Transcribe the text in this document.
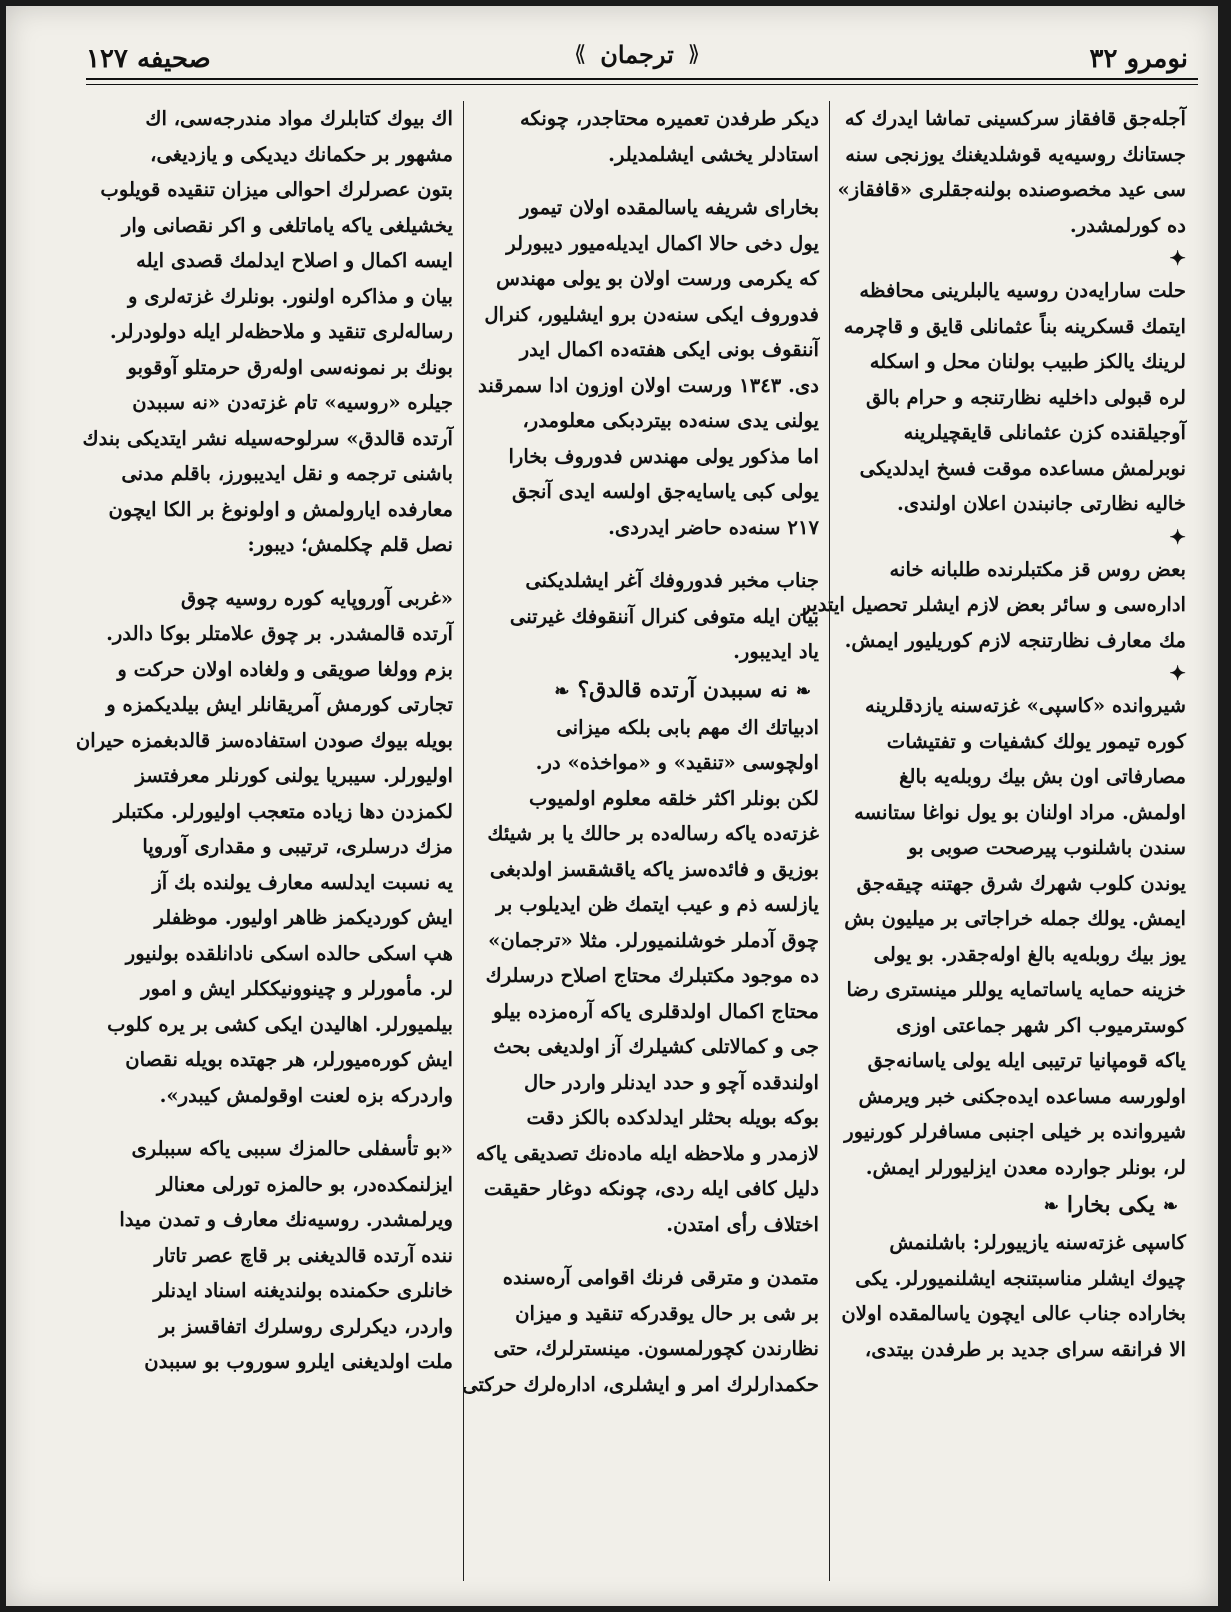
نومرو ٣٢
⟪ ترجمان ⟫
صحيفه ١٢٧
آجلەجق قافقاز سركسينى تماشا ايدرك كە
جستانك روسيەيە قوشلديغنك يوزنجى سنه
سى عيد مخصوصنده بولنەجقلرى «قافقاز»
ده كورلمشدر.
✦
حلت سارايەدن روسيە يالبلرينى محافظه
ايتمك قسكرينه بناً عثمانلى قايق و قاچرمه
لرينك يالكز طبيب بولنان محل و اسكله
لره قبولى داخليه نظارتنجه و حرام بالق
آوجيلقنده كزن عثمانلى قايقچيلرينه
نوبرلمش مساعده موقت فسخ ايدلديكى
خاليه نظارتى جانبندن اعلان اولندى.
✦
بعض روس قز مكتبلرنده طلبانه خانه
اداره‌سى و سائر بعض لازم ايشلر تحصيل ايتدير
مك معارف نظارتنجه لازم كوريليور ايمش.
✦
شيروانده «كاسپى» غزته‌سنه يازدقلرينه
كوره تيمور يولك كشفيات و تفتيشات
مصارفاتى اون بش بيك روبله‌يه بالغ
اولمش. مراد اولنان بو يول نواغا ستانسه
سندن باشلنوب پيرصحت صوبى بو
يوندن كلوب شهرك شرق جهتنه چيقه‌جق
ايمش. يولك جمله خراجاتى بر ميليون بش
يوز بيك روبله‌يه بالغ اولەجقدر. بو يولى
خزينه حمايه ياساتمايه يوللر مينسترى رضا
كوسترميوب اكر شهر جماعتى اوزى
ياكه قومپانيا ترتيبى ايله يولى ياسانه‌جق
اولورسه مساعده ايده‌جكنى خبر ويرمش
شيروانده بر خيلى اجنبى مسافرلر كورنيور
لر، بونلر جوارده معدن ايزليورلر ايمش.
❧يكى بخارا❧
كاسپى غزته‌سنه يازييورلر: باشلنمش
چيوك ايشلر مناسبتنجه ايشلنميورلر. يكى
بخاراده جناب عالى ايچون ياسالمقده اولان
الا فرانقه سراى جديد بر طرفدن بيتدى،
ديكر طرفدن تعميره محتاجدر، چونكه
استادلر يخشى ايشلمديلر.
بخاراى شريفه ياسالمقده اولان تيمور
يول دخى حالا اكمال ايديله‌ميور ديبورلر
كه يكرمى ورست اولان بو يولى مهندس
فدوروف ايكى سنه‌دن برو ايشليور، كنرال
آننقوف بونى ايكى هفته‌ده اكمال ايدر
دى. ١٣٤٣ ورست اولان اوزون ادا سمرقند
يولنى يدى سنه‌ده بيتردبكى معلومدر،
اما مذكور يولى مهندس فدوروف بخارا
يولى كبى ياسايه‌جق اولسه ايدى آنجق
٢١٧ سنه‌ده حاضر ايدردى.
جناب مخبر فدوروفك آغر ايشلديكنى
بيان ايله متوفى كنرال آننقوفك غيرتنى
ياد ايديبور.
❧نه سببدن آرتده قالدق؟❧
ادبياتك اك مهم بابى بلكه ميزانى
اولچوسى «تنقيد» و «مواخذه» در.
لكن بونلر اكثر خلقه معلوم اولميوب
غزته‌ده ياكه رساله‌ده بر حالك يا بر شيئك
بوزيق و فائده‌سز ياكه ياقشقسز اولدبغى
يازلسه ذم و عيب ايتمك ظن ايديلوب بر
چوق آدملر خوشلنميورلر. مثلا «ترجمان»
ده موجود مكتبلرك محتاج اصلاح درسلرك
محتاج اكمال اولدقلرى ياكه آره‌مزده بيلو‌
جى و كمالاتلى كشيلرك آز اولديغى بحث
اولندقده آچو و حدد ايدنلر واردر حال
بوكه بويله بحثلر ايدلدكده بالكز دقت
لازمدر و ملاحظه ايله ماده‌نك تصديقى ياكه
دليل كافى ايله ردى، چونكه دوغار حقيقت
اختلاف رأى امتدن.
متمدن و مترقى فرنك اقوامى آره‌سنده
بر شى بر حال يوقدركه تنقيد و ميزان
نظارندن كچورلمسون. مينسترلرك، حتى
حكمدارلرك امر و ايشلرى، اداره‌لرك حركتى
اك بيوك كتابلرك مواد مندرجه‌سى، اك
مشهور بر حكمانك ديديكى و يازديغى،
بتون عصرلرك احوالى ميزان تنقيده قويلوب
يخشيلغى ياكه ياماتلغى و اكر نقصانى وار
ايسه اكمال و اصلاح ايدلمك قصدى ايله
بيان و مذاكره اولنور. بونلرك غزته‌لرى و
رساله‌لرى تنقيد و ملاحظه‌لر ايله دولودرلر.
بونك بر نمونه‌سى اولەرق حرمتلو آوقوبو
جيلره «روسيه» تام غزته‌دن «نه سببدن
آرتده قالدق» سرلوحه‌سيله نشر ايتديكى بندك
باشنى ترجمه و نقل ايديبورز، باقلم مدنى
معارفده ايارولمش و اولونوغ بر الكا ايچون
نصل قلم چكلمش؛ ديبور:
«غربى آوروپايه كوره روسيه چوق
آرتده قالمشدر. بر چوق علامتلر بوكا دالدر.
بزم وولغا صويقى و ولغاده اولان حركت و
تجارتى كورمش آمريقانلر ايش بيلديكمزه و
بويله بيوك صودن استفاده‌سز قالدبغمزه حيران
اوليورلر. سيبريا يولنى كورنلر معرفتسز
لكمزدن دها زياده متعجب اوليورلر. مكتبلر
مزك درسلرى، ترتيبى و مقدارى آوروپا
يه نسبت ايدلسه معارف يولنده بك آز
ايش كورديكمز ظاهر اوليور. موظفلر
هپ اسكى حالده اسكى نادانلقده بولنيور
لر. مأمورلر و چينوونيككلر ايش و امور
بيلميورلر. اهاليدن ايكى كشى بر يره كلوب
ايش كوره‌ميورلر، هر جهتده بويله نقصان
واردركه بزه لعنت اوقولمش كيبدر».
«بو تأسفلى حالمزك سببى ياكه سببلرى
ايزلنمكده‌در، بو حالمزه تورلى معنالر
ويرلمشدر. روسيه‌نك معارف و تمدن ميدا
ننده آرتده قالديغنى بر قاچ عصر تاتار
خانلرى حكمنده بولنديغنه اسناد ايدنلر
واردر، ديكرلرى روسلرك اتفاقسز بر
ملت اولديغنى ايلرو سوروب بو سببدن
